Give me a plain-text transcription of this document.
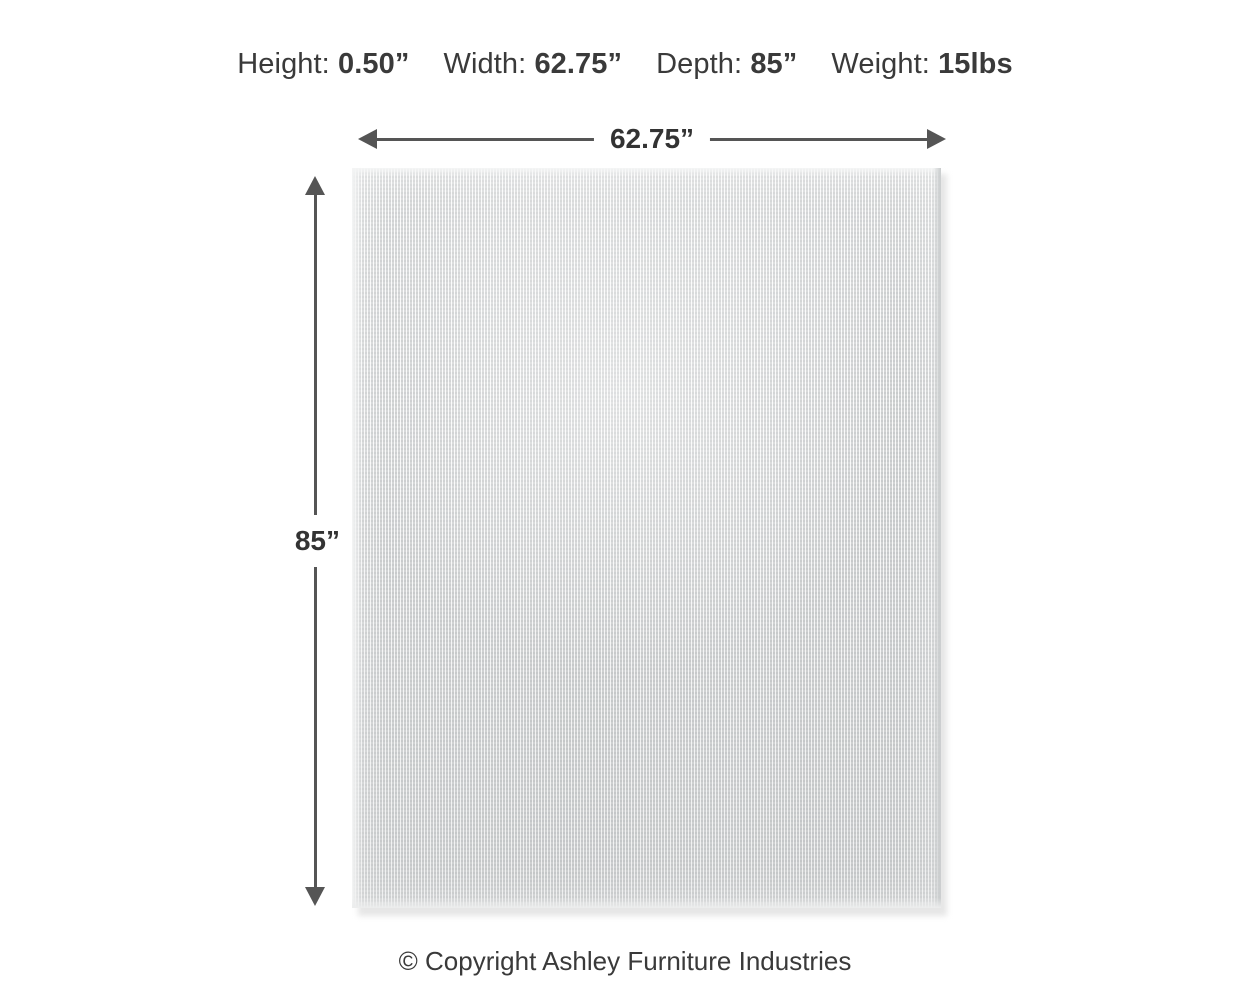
Height: 0.50” Width: 62.75” Depth: 85” Weight: 15lbs
62.75”
85”
© Copyright Ashley Furniture Industries
